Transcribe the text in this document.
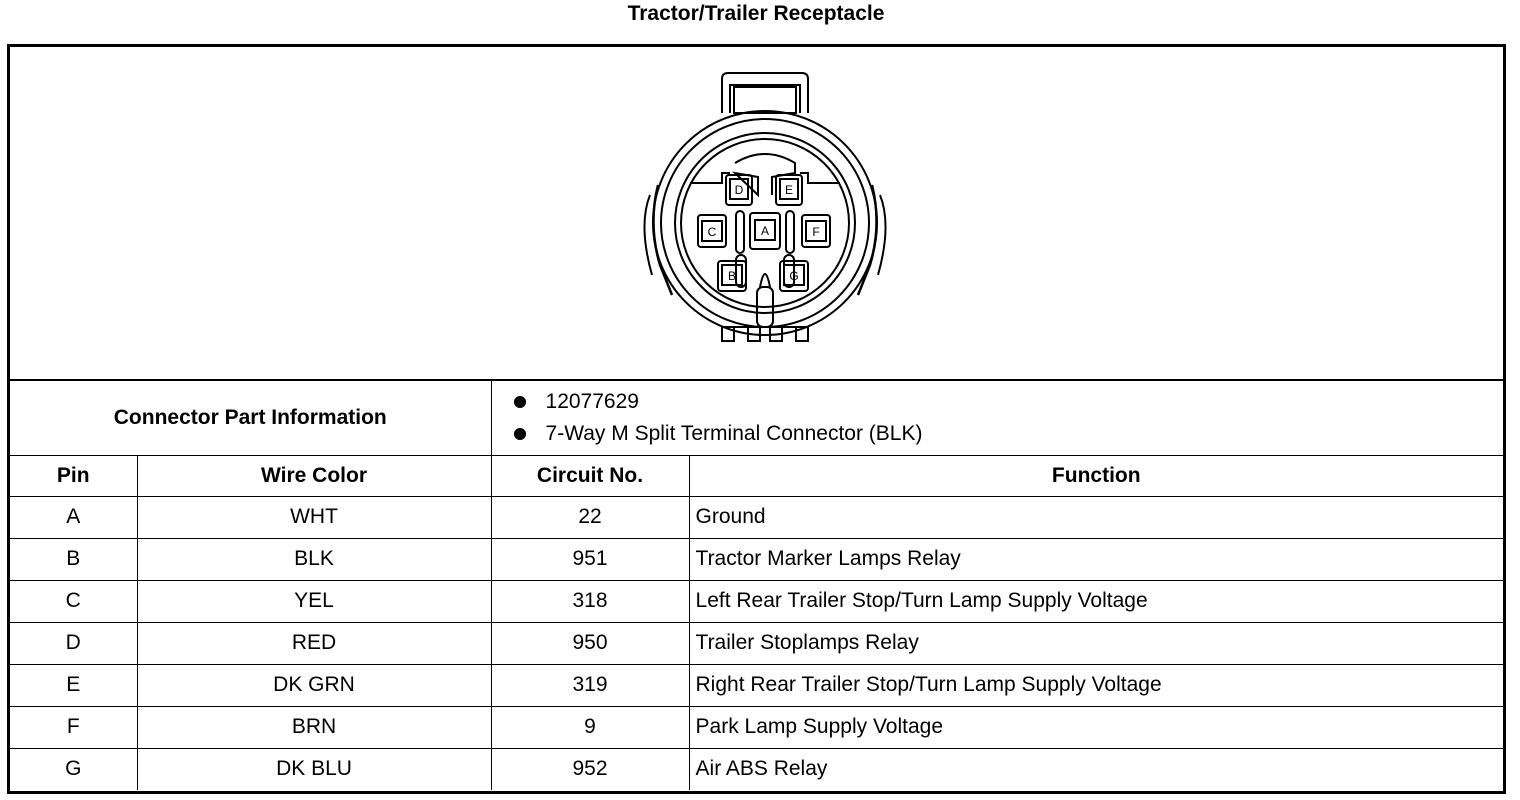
Tractor/Trailer Receptacle
D	E
C	A	F
B	G
Connector Part Information		12077629
7-Way M Split Terminal Connector (BLK)	

Pin	Wire Color	Circuit No.	Function
A	WHT	22	Ground
B	BLK	951	Tractor Marker Lamps Relay
C	YEL	318	Left Rear Trailer Stop/Turn Lamp Supply Voltage
D	RED	950	Trailer Stoplamps Relay
E	DK GRN	319	Right Rear Trailer Stop/Turn Lamp Supply Voltage
F	BRN	9	Park Lamp Supply Voltage
G	DK BLU	952	Air ABS Relay
